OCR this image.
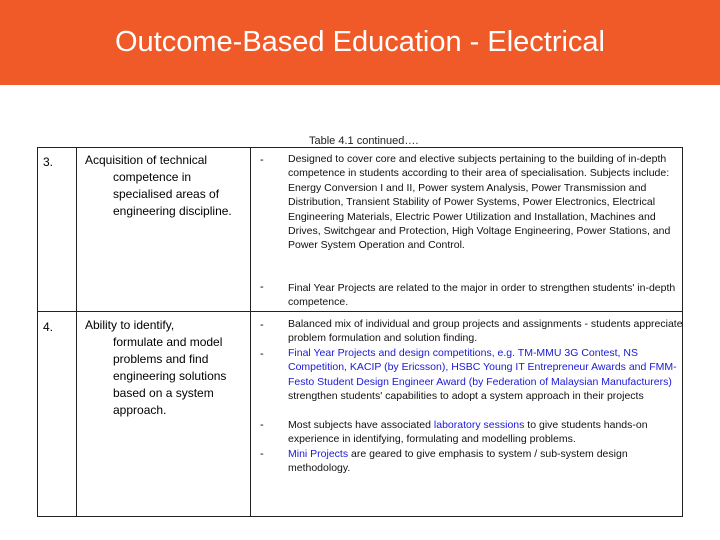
Outcome-Based Education - Electrical
Table 4.1 continued….
3.	Acquisition of technical
competence in specialised areas of engineering discipline.
- Designed to cover core and elective subjects pertaining to the building of in-depth competence in students according to their area of specialisation. Subjects include: Energy Conversion I and II, Power system Analysis, Power Transmission and Distribution, Transient Stability of Power Systems, Power Electronics, Electrical Engineering Materials, Electric Power Utilization and Installation, Machines and Drives, Switchgear and Protection, High Voltage Engineering, Power Stations, and Power System Operation and Control.
- Final Year Projects are related to the major in order to strengthen students' in-depth competence.
4.	Ability to identify,
formulate and model problems and find engineering solutions based on a system approach.
- Balanced mix of individual and group projects and assignments - students appreciate problem formulation and solution finding.
- Final Year Projects and design competitions, e.g. TM-MMU 3G Contest, NS Competition, KACIP (by Ericsson), HSBC Young IT Entrepreneur Awards and FMM-Festo Student Design Engineer Award (by Federation of Malaysian Manufacturers) strengthen students' capabilities to adopt a system approach in their projects
- Most subjects have associated laboratory sessions to give students hands-on experience in identifying, formulating and modelling problems.
- Mini Projects are geared to give emphasis to system / sub-system design methodology.
